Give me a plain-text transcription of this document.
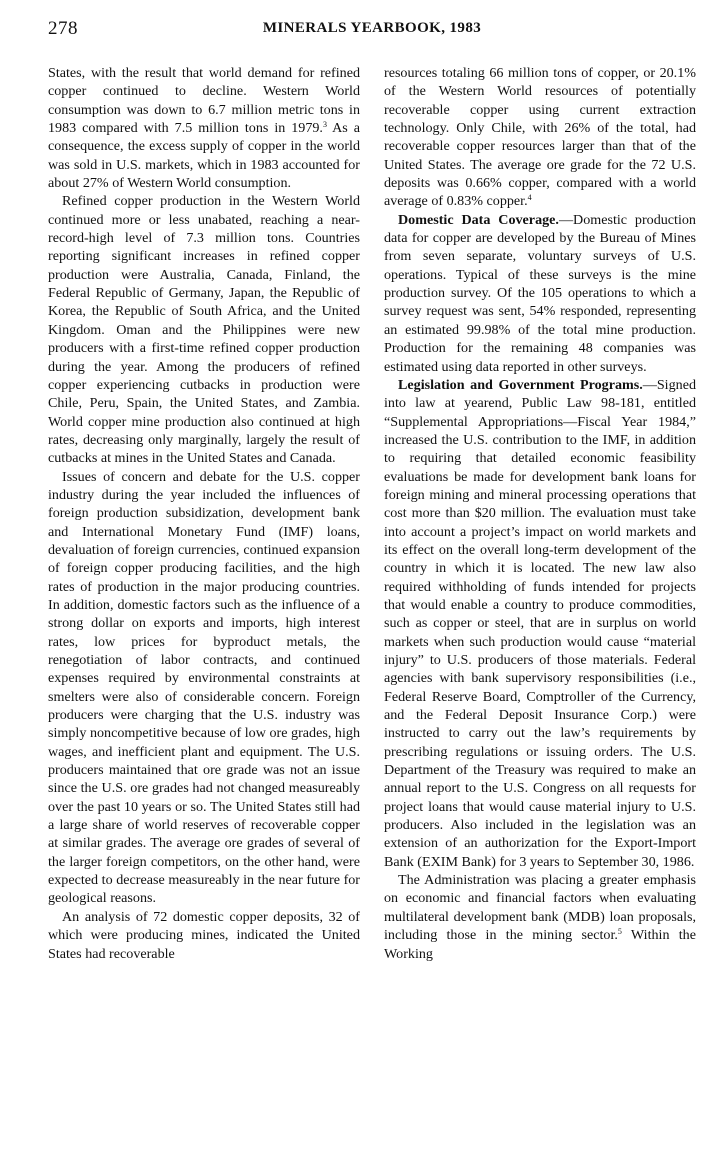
278	MINERALS YEARBOOK, 1983

States, with the result that world demand for refined copper continued to decline. Western World consumption was down to 6.7 million metric tons in 1983 compared with 7.5 million tons in 1979.$^3$ As a consequence, the excess supply of copper in the world was sold in U.S. markets, which in 1983 accounted for about 27% of Western World consumption.

Refined copper production in the Western World continued more or less unabated, reaching a near-record-high level of 7.3 million tons. Countries reporting significant increases in refined copper production were Australia, Canada, Finland, the Federal Republic of Germany, Japan, the Republic of Korea, the Republic of South Africa, and the United Kingdom. Oman and the Philippines were new producers with a first-time refined copper production during the year. Among the producers of refined copper experiencing cutbacks in production were Chile, Peru, Spain, the United States, and Zambia. World copper mine production also continued at high rates, decreasing only marginally, largely the result of cutbacks at mines in the United States and Canada.

Issues of concern and debate for the U.S. copper industry during the year included the influences of foreign production subsidization, development bank and International Monetary Fund (IMF) loans, devaluation of foreign currencies, continued expansion of foreign copper producing facilities, and the high rates of production in the major producing countries. In addition, domestic factors such as the influence of a strong dollar on exports and imports, high interest rates, low prices for byproduct metals, the renegotiation of labor contracts, and continued expenses required by environmental constraints at smelters were also of considerable concern. Foreign producers were charging that the U.S. industry was simply noncompetitive because of low ore grades, high wages, and inefficient plant and equipment. The U.S. producers maintained that ore grade was not an issue since the U.S. ore grades had not changed measureably over the past 10 years or so. The United States still had a large share of world reserves of recoverable copper at similar grades. The average ore grades of several of the larger foreign competitors, on the other hand, were expected to decrease measureably in the near future for geological reasons.

An analysis of 72 domestic copper deposits, 32 of which were producing mines, indicated the United States had recoverable

resources totaling 66 million tons of copper, or 20.1% of the Western World resources of potentially recoverable copper using current extraction technology. Only Chile, with 26% of the total, had recoverable copper resources larger than that of the United States. The average ore grade for the 72 U.S. deposits was 0.66% copper, compared with a world average of 0.83% copper.$^4$

Domestic Data Coverage.—Domestic production data for copper are developed by the Bureau of Mines from seven separate, voluntary surveys of U.S. operations. Typical of these surveys is the mine production survey. Of the 105 operations to which a survey request was sent, 54% responded, representing an estimated 99.98% of the total mine production. Production for the remaining 48 companies was estimated using data reported in other surveys.

Legislation and Government Programs.—Signed into law at yearend, Public Law 98-181, entitled “Supplemental Appropriations—Fiscal Year 1984,” increased the U.S. contribution to the IMF, in addition to requiring that detailed economic feasibility evaluations be made for development bank loans for foreign mining and mineral processing operations that cost more than $20 million. The evaluation must take into account a project’s impact on world markets and its effect on the overall long-term development of the country in which it is located. The new law also required withholding of funds intended for projects that would enable a country to produce commodities, such as copper or steel, that are in surplus on world markets when such production would cause “material injury” to U.S. producers of those materials. Federal agencies with bank supervisory responsibilities (i.e., Federal Reserve Board, Comptroller of the Currency, and the Federal Deposit Insurance Corp.) were instructed to carry out the law’s requirements by prescribing regulations or issuing orders. The U.S. Department of the Treasury was required to make an annual report to the U.S. Congress on all requests for project loans that would cause material injury to U.S. producers. Also included in the legislation was an extension of an authorization for the Export-Import Bank (EXIM Bank) for 3 years to September 30, 1986.

The Administration was placing a greater emphasis on economic and financial factors when evaluating multilateral development bank (MDB) loan proposals, including those in the mining sector.$^5$ Within the Working
